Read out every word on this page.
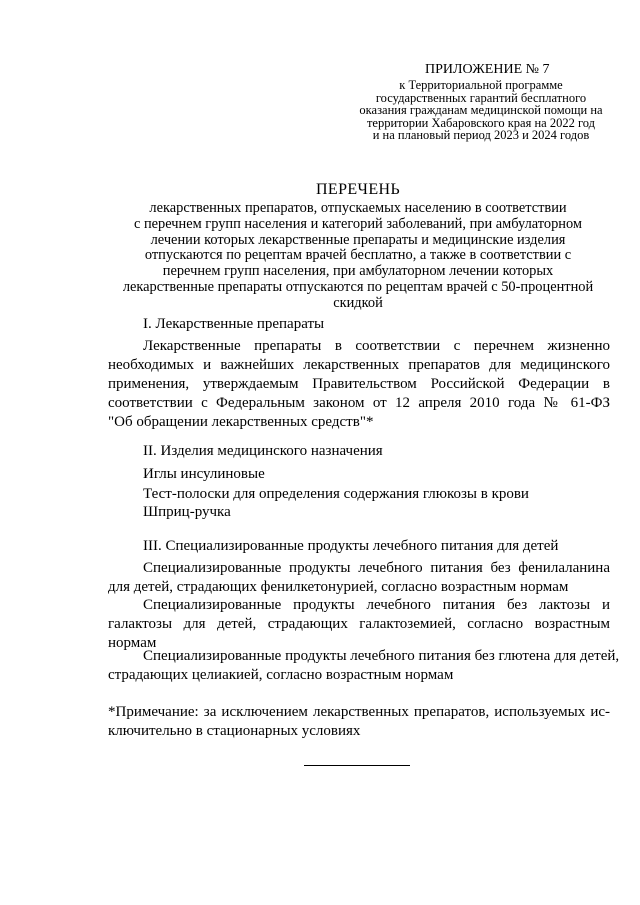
ПРИЛОЖЕНИЕ № 7
к Территориальной программе
государственных гарантий бесплатного
оказания гражданам медицинской помощи на
территории Хабаровского края на 2022 год
и на плановый период 2023 и 2024 годов
ПЕРЕЧЕНЬ
лекарственных препаратов, отпускаемых населению в соответствии
с перечнем групп населения и категорий заболеваний, при амбулаторном
лечении которых лекарственные препараты и медицинские изделия
отпускаются по рецептам врачей бесплатно, а также в соответствии с
перечнем групп населения, при амбулаторном лечении которых
лекарственные препараты отпускаются по рецептам врачей с 50-процентной
скидкой
I. Лекарственные препараты
Лекарственные препараты в соответствии с перечнем жизненно
необходимых и важнейших лекарственных препаратов для медицинского
применения, утверждаемым Правительством Российской Федерации в
соответствии с Федеральным законом от 12 апреля 2010 года № 61-ФЗ
"Об обращении лекарственных средств"*
II. Изделия медицинского назначения
Иглы инсулиновые
Тест-полоски для определения содержания глюкозы в крови
Шприц-ручка
III. Специализированные продукты лечебного питания для детей
Специализированные продукты лечебного питания без фенилаланина
для детей, страдающих фенилкетонурией, согласно возрастным нормам
Специализированные продукты лечебного питания без лактозы и
галактозы для детей, страдающих галактоземией, согласно возрастным
нормам
Специализированные продукты лечебного питания без глютена для детей,
страдающих целиакией, согласно возрастным нормам
*Примечание: за исключением лекарственных препаратов, используемых ис-
ключительно в стационарных условиях
